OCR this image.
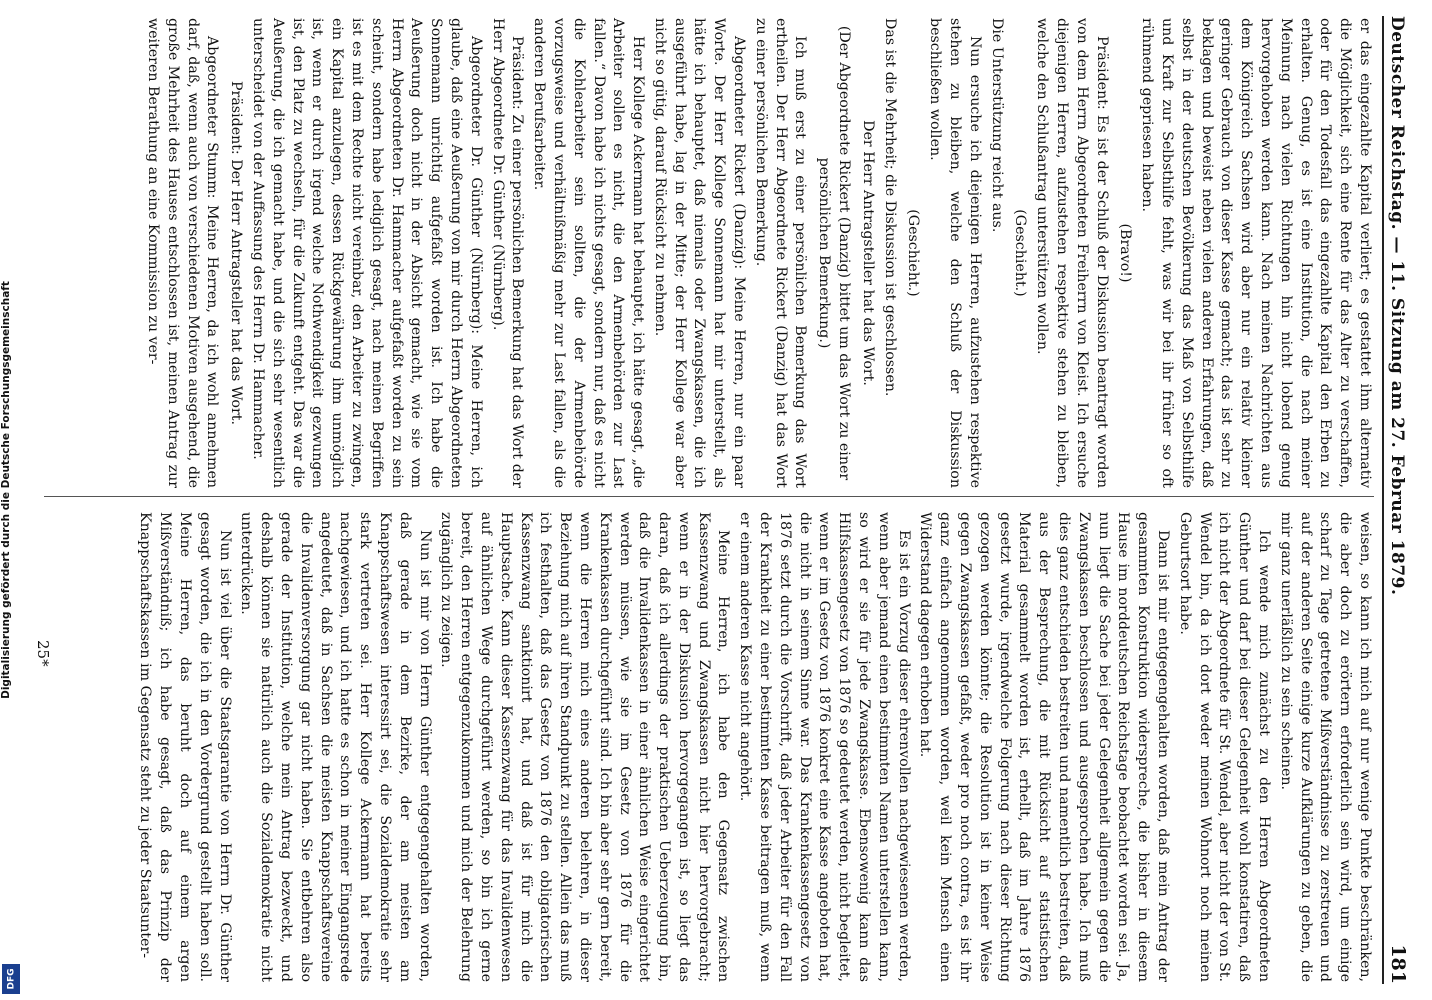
Deutscher Reichstag. — 11. Sitzung am 27. Februar 1879.
181

er das eingezahlte Kapital verliert; es gestattet ihm alternativ die Möglichkeit, sich eine Rente für das Alter zu verschaffen, oder für den Todesfall das eingezahlte Kapital den Erben zu erhalten. Genug, es ist eine Institution, die nach meiner Meinung nach vielen Richtungen hin nicht lobend genug hervorgehoben werden kann. Nach meinen Nachrichten aus dem Königreich Sachsen wird aber nur ein relativ kleiner geringer Gebrauch von dieser Kasse gemacht; das ist sehr zu beklagen und beweist neben vielen anderen Erfahrungen, daß selbst in der deutschen Bevölkerung das Maß von Selbsthilfe und Kraft zur Selbsthilfe fehlt, was wir bei ihr früher so oft rühmend gepriesen haben.

(Bravo!)

Präsident: Es ist der Schluß der Diskussion beantragt worden von dem Herrn Abgeordneten Freiherrn von Kleist. Ich ersuche diejenigen Herren, aufzustehen respektive stehen zu bleiben, welche den Schlußantrag unterstützen wollen.

(Geschieht.)

Die Unterstützung reicht aus.

Nun ersuche ich diejenigen Herren, aufzustehen respektive stehen zu bleiben, welche den Schluß der Diskussion beschließen wollen.

(Geschieht.)

Das ist die Mehrheit; die Diskussion ist geschlossen.

Der Herr Antragsteller hat das Wort.

(Der Abgeordnete Rickert (Danzig) bittet um das Wort zu einer persönlichen Bemerkung.)

Ich muß erst zu einer persönlichen Bemerkung das Wort ertheilen. Der Herr Abgeordnete Rickert (Danzig) hat das Wort zu einer persönlichen Bemerkung.

Abgeordneter Rickert (Danzig): Meine Herren, nur ein paar Worte. Der Herr Kollege Sonnemann hat mir unterstellt, als hätte ich behauptet, daß niemals oder Zwangskassen, die ich ausgeführt habe, lag in der Mitte; der Herr Kollege war aber nicht so gütig, darauf Rücksicht zu nehmen.

Herr Kollege Ackermann hat behauptet, ich hätte gesagt, „die Arbeiter sollen es nicht, die den Armenbehörden zur Last fallen.“ Davon habe ich nichts gesagt, sondern nur, daß es nicht die Kohlearbeiter sein sollten, die der Armenbehörde vorzugsweise und verhältnißmäßig mehr zur Last fallen, als die anderen Berufsarbeiter.

Präsident: Zu einer persönlichen Bemerkung hat das Wort der Herr Abgeordnete Dr. Günther (Nürnberg).

Abgeordneter Dr. Günther (Nürnberg): Meine Herren, ich glaube, daß eine Aeußerung von mir durch Herrn Abgeordneten Sonnemann unrichtig aufgefaßt worden ist. Ich habe die Aeußerung doch nicht in der Absicht gemacht, wie sie vom Herrn Abgeordneten Dr. Hammacher aufgefaßt worden zu sein scheint, sondern habe lediglich gesagt, nach meinen Begriffen ist es mit dem Rechte nicht vereinbar, den Arbeiter zu zwingen, ein Kapital anzulegen, dessen Rückgewährung ihm unmöglich ist, wenn er durch irgend welche Nothwendigkeit gezwungen ist, den Platz zu wechseln, für die Zukunft entgeht. Das war die Aeußerung, die ich gemacht habe, und die sich sehr wesentlich unterscheidet von der Auffassung des Herrn Dr. Hammacher.

Präsident: Der Herr Antragsteller hat das Wort.

Abgeordneter Stumm: Meine Herren, da ich wohl annehmen darf, daß, wenn auch von verschiedenen Motiven ausgehend, die große Mehrheit des Hauses entschlossen ist, meinen Antrag zur weiteren Berathung an eine Kommission zu ver-

weisen, so kann ich mich auf nur wenige Punkte beschränken, die aber doch zu erörtern erforderlich sein wird, um einige scharf zu Tage getretene Mißverständnisse zu zerstreuen und auf der anderen Seite einige kurze Aufklärungen zu geben, die mir ganz unerläßlich zu sein scheinen.

Ich wende mich zunächst zu den Herren Abgeordneten Günther und darf bei dieser Gelegenheit wohl konstatiren, daß ich nicht der Abgeordnete für St. Wendel, aber nicht der von St. Wendel bin, da ich dort weder meinen Wohnort noch meinen Geburtsort habe.

Dann ist mir entgegengehalten worden, daß mein Antrag der gesammten Konstruktion widerspreche, die bisher in diesem Hause im norddeutschen Reichstage beobachtet worden sei. Ja, nun liegt die Sache bei jeder Gelegenheit allgemein gegen die Zwangskassen beschlossen und ausgesprochen habe. Ich muß dies ganz entschieden bestreiten und namentlich bestreiten, daß aus der Besprechung, die mit Rücksicht auf statistischen Material gesammelt worden ist, erhellt, daß im Jahre 1876 gesetzt wurde, irgendwelche Folgerung nach dieser Richtung gezogen werden könnte; die Resolution ist in keiner Weise gegen Zwangskassen gefaßt, weder pro noch contra, es ist ihr ganz einfach angenommen worden, weil kein Mensch einen Widerstand dagegen erhoben hat.

Es ist ein Vorzug dieser ehrenvollen nachgewiesenen werden, wenn aber jemand einen bestimmten Namen unterstellen kann, so wird er sie für jede Zwangskasse. Ebensowenig kann das Hilfskassengesetz von 1876 so gedeutet werden, nicht begleitet, wenn er im Gesetz von 1876 konkret eine Kasse angeboten hat, die nicht in seinem Sinne war. Das Krankenkassengesetz von 1876 setzt durch die Vorschrift, daß jeder Arbeiter für den Fall der Krankheit zu einer bestimmten Kasse beitragen muß, wenn er einem anderen Kasse nicht angehört.

Meine Herren, ich habe den Gegensatz zwischen Kassenzwang und Zwangskassen nicht hier hervorgebracht; wenn er in der Diskussion hervorgegangen ist, so liegt das daran, daß ich allerdings der praktischen Ueberzeugung bin, daß die Invalidenkassen in einer ähnlichen Weise eingerichtet werden müssen, wie sie im Gesetz von 1876 für die Krankenkassen durchgeführt sind. Ich bin aber sehr gern bereit, wenn die Herren mich eines anderen belehren, in dieser Beziehung mich auf ihren Standpunkt zu stellen. Allein das muß ich festhalten, daß das Gesetz von 1876 den obligatorischen Kassenzwang sanktionirt hat, und daß ist für mich die Hauptsache. Kann dieser Kassenzwang für das Invalidenwesen auf ähnlichen Wege durchgeführt werden, so bin ich gerne bereit, den Herren entgegenzukommen und mich der Belehrung zugänglich zu zeigen.

Nun ist mir von Herrn Günther entgegengehalten worden, daß gerade in dem Bezirke, der am meisten am Knappschaftswesen interessirt sei, die Sozialdemokratie sehr stark vertreten sei. Herr Kollege Ackermann hat bereits nachgewiesen, und ich hatte es schon in meiner Eingangsrede angedeutet, daß in Sachsen die meisten Knappschaftsvereine die Invalidenversorgung gar nicht haben. Sie entbehren also gerade der Institution, welche mein Antrag bezweckt, und deshalb können sie natürlich auch die Sozialdemokratie nicht unterdrücken.

Nun ist viel über die Staatsgarantie von Herrn Dr. Günther gesagt worden, die ich in den Vordergrund gestellt haben soll. Meine Herren, das beruht doch auf einem argen Mißverständniß; ich habe gesagt, daß das Prinzip der Knappschaftskassen im Gegensatz steht zu jeder Staatsunter-

25*
Digitalisierung gefördert durch die Deutsche Forschungsgemeinschaft
DFG
